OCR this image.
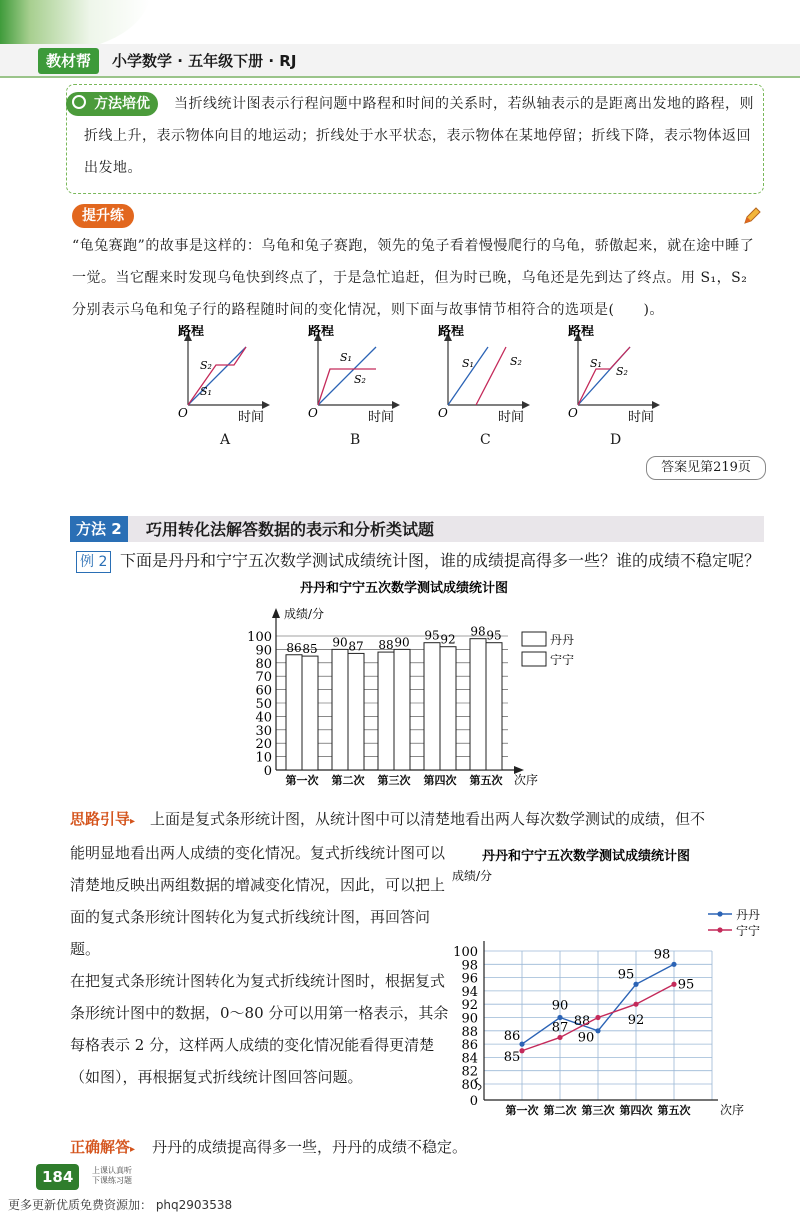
教材帮	小学数学 · 五年级下册 · RJ
方法培优	当折线统计图表示行程问题中路程和时间的关系时，若纵轴表示的是距离出发地的路程，则折线上升，表示物体向目的地运动；折线处于水平状态，表示物体在某地停留；折线下降，表示物体返回出发地。
提升练
“龟兔赛跑”的故事是这样的：乌龟和兔子赛跑，领先的兔子看着慢慢爬行的乌龟，骄傲起来，就在途中睡了一觉。当它醒来时发现乌龟快到终点了，于是急忙追赶，但为时已晚，乌龟还是先到达了终点。用 S₁，S₂ 分别表示乌龟和兔子行的路程随时间的变化情况，则下面与故事情节相符合的选项是(　　)。
路程
时间
O
S₂
S₁
A
路程
时间
O
S₂
S₁
B
路程
时间
O
S₂
S₁
C
路程
时间
O
S₂
S₁
D
答案见第219页
方法 2	巧用转化法解答数据的表示和分析类试题
下面是丹丹和宁宁五次数学测试成绩统计图，谁的成绩提高得多一些？谁的成绩不稳定呢？
例 2
丹丹和宁宁五次数学测试成绩统计图
0
10
20
30
40
50
60
70
80
90
100
成绩/分
次序
86 85
第一次
90 87
第二次
88 90
第三次
95 92
第四次
98 95
第五次
丹丹
宁宁
上面是复式条形统计图，从统计图中可以清楚地看出两人每次数学测试的成绩，但不
思路引导▸
能明显地看出两人成绩的变化情况。复式折线统计图可以清楚地反映出两组数据的增减变化情况，因此，可以把上面的复式条形统计图转化为复式折线统计图，再回答问题。
在把复式条形统计图转化为复式折线统计图时，根据复式条形统计图中的数据，0～80 分可以用第一格表示，其余每格表示 2 分，这样两人成绩的变化情况能看得更清楚（如图），再根据复式折线统计图回答问题。
丹丹和宁宁五次数学测试成绩统计图
成绩/分
0
80
82
84
86
88
90
92
94
96
98
100
次序
第一次 第二次 第三次 第四次 第五次
86
90
88
95
98
丹丹
85
87
90
92
95
宁宁
正确解答▸ 丹丹的成绩提高得多一些，丹丹的成绩不稳定。
184	上课认真听 下课练习题
更多更新优质免费资源加： phq2903538
